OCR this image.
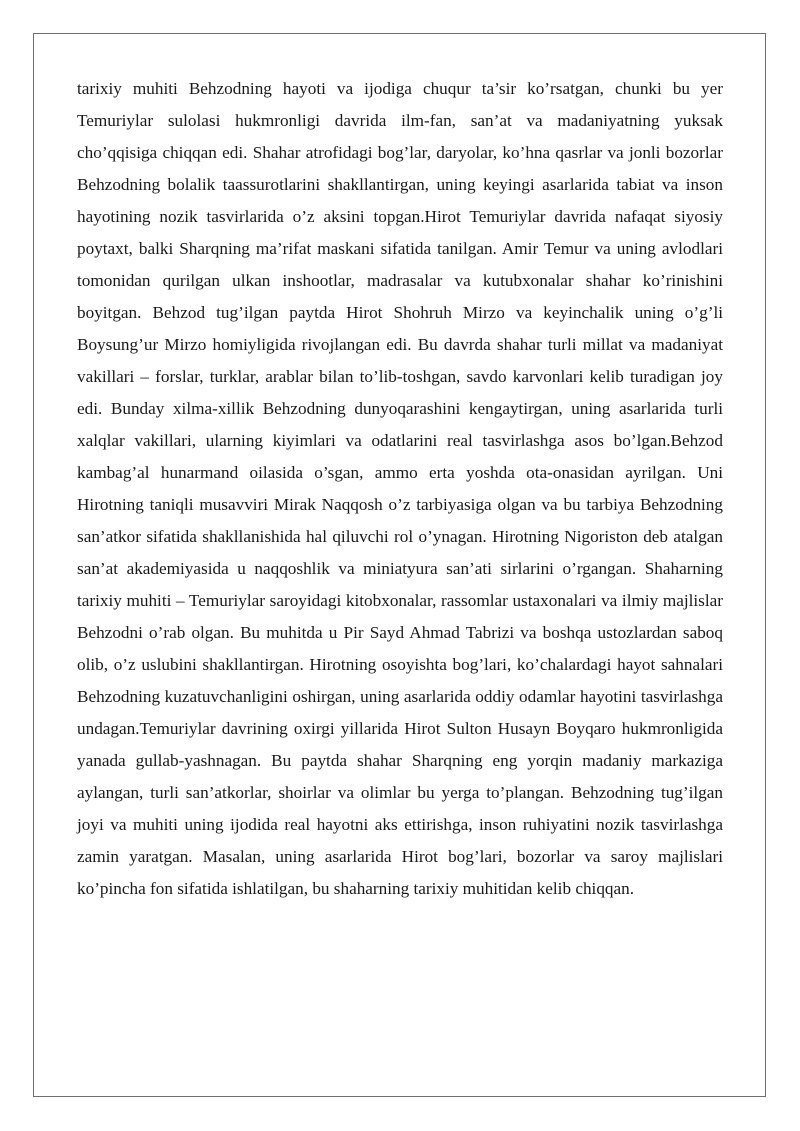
tarixiy muhiti Behzodning hayoti va ijodiga chuqur ta’sir ko’rsatgan, chunki bu yer Temuriylar sulolasi hukmronligi davrida ilm-fan, san’at va madaniyatning yuksak cho’qqisiga chiqqan edi. Shahar atrofidagi bog’lar, daryolar, ko’hna qasrlar va jonli bozorlar Behzodning bolalik taassurotlarini shakllantirgan, uning keyingi asarlarida tabiat va inson hayotining nozik tasvirlarida o’z aksini topgan.Hirot Temuriylar davrida nafaqat siyosiy poytaxt, balki Sharqning ma’rifat maskani sifatida tanilgan. Amir Temur va uning avlodlari tomonidan qurilgan ulkan inshootlar, madrasalar va kutubxonalar shahar ko’rinishini boyitgan. Behzod tug’ilgan paytda Hirot Shohruh Mirzo va keyinchalik uning o’g’li Boysung’ur Mirzo homiyligida rivojlangan edi. Bu davrda shahar turli millat va madaniyat vakillari – forslar, turklar, arablar bilan to’lib-toshgan, savdo karvonlari kelib turadigan joy edi. Bunday xilma-xillik Behzodning dunyoqarashini kengaytirgan, uning asarlarida turli xalqlar vakillari, ularning kiyimlari va odatlarini real tasvirlashga asos bo’lgan.Behzod kambag’al hunarmand oilasida o’sgan, ammo erta yoshda ota-onasidan ayrilgan. Uni Hirotning taniqli musavviri Mirak Naqqosh o’z tarbiyasiga olgan va bu tarbiya Behzodning san’atkor sifatida shakllanishida hal qiluvchi rol o’ynagan. Hirotning Nigoriston deb atalgan san’at akademiyasida u naqqoshlik va miniatyura san’ati sirlarini o’rgangan. Shaharning tarixiy muhiti – Temuriylar saroyidagi kitobxonalar, rassomlar ustaxonalari va ilmiy majlislar Behzodni o’rab olgan. Bu muhitda u Pir Sayd Ahmad Tabrizi va boshqa ustozlardan saboq olib, o’z uslubini shakllantirgan. Hirotning osoyishta bog’lari, ko’chalardagi hayot sahnalari Behzodning kuzatuvchanligini oshirgan, uning asarlarida oddiy odamlar hayotini tasvirlashga undagan.Temuriylar davrining oxirgi yillarida Hirot Sulton Husayn Boyqaro hukmronligida yanada gullab-yashnagan. Bu paytda shahar Sharqning eng yorqin madaniy markaziga aylangan, turli san’atkorlar, shoirlar va olimlar bu yerga to’plangan. Behzodning tug’ilgan joyi va muhiti uning ijodida real hayotni aks ettirishga, inson ruhiyatini nozik tasvirlashga zamin yaratgan. Masalan, uning asarlarida Hirot bog’lari, bozorlar va saroy majlislari ko’pincha fon sifatida ishlatilgan, bu shaharning tarixiy muhitidan kelib chiqqan.
